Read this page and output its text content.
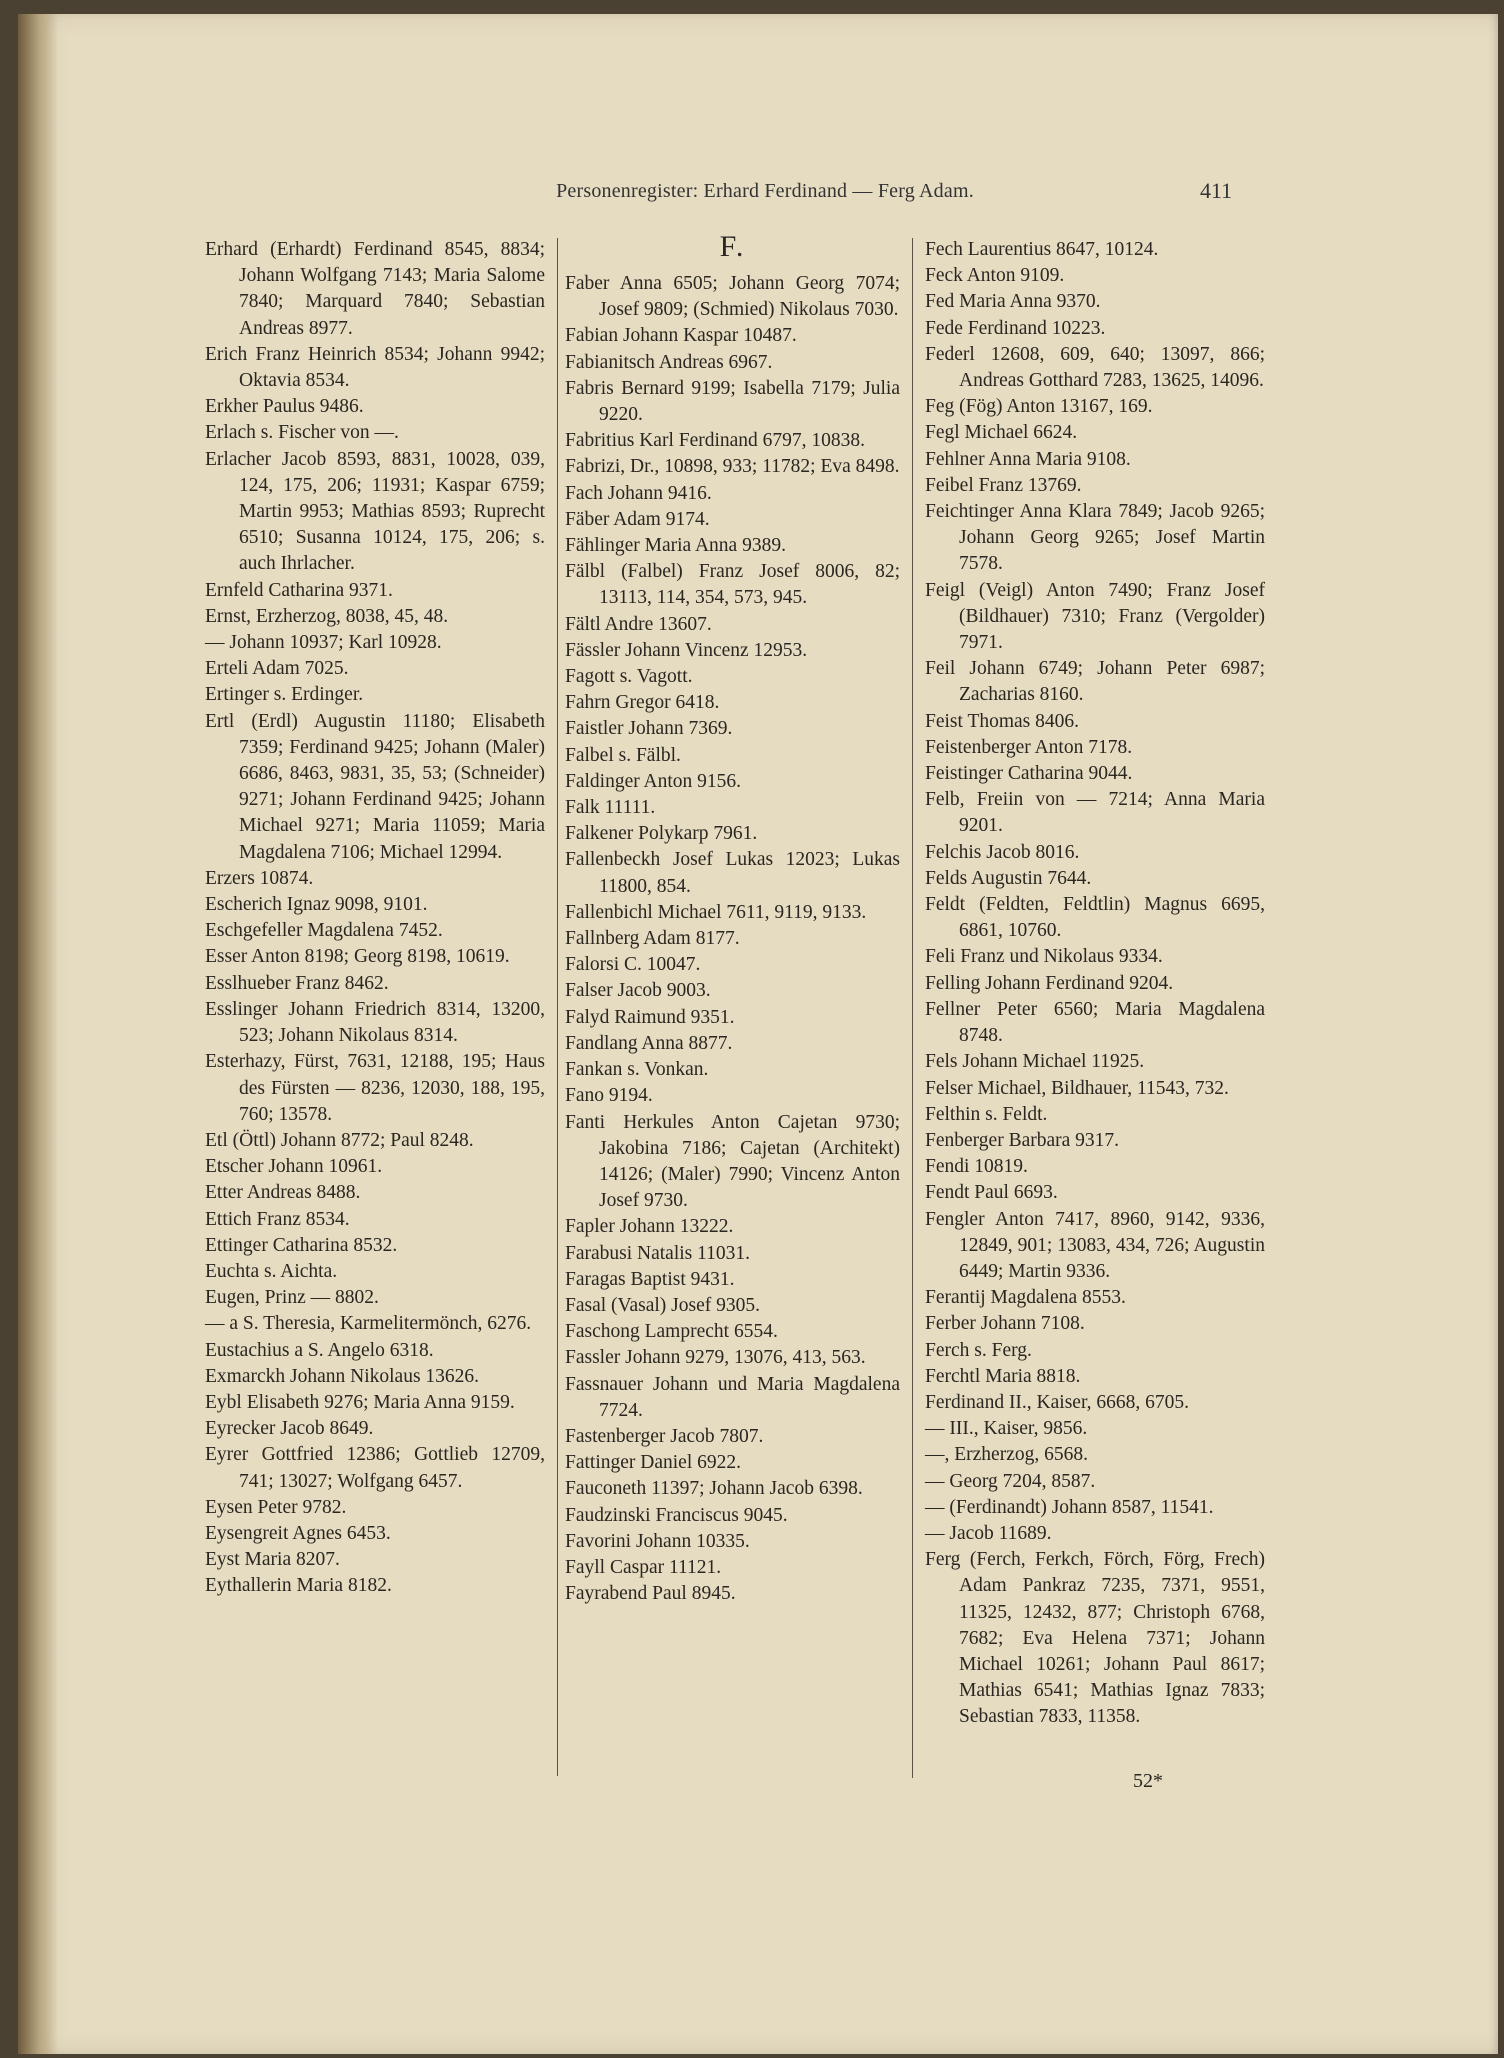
Personenregister: Erhard Ferdinand — Ferg Adam.	411

Erhard (Erhardt) Ferdinand 8545, 8834; Johann Wolfgang 7143; Maria Salome 7840; Marquard 7840; Sebastian Andreas 8977.

Erich Franz Heinrich 8534; Johann 9942; Oktavia 8534.

Erkher Paulus 9486.

Erlach s. Fischer von —.

Erlacher Jacob 8593, 8831, 10028, 039, 124, 175, 206; 11931; Kaspar 6759; Martin 9953; Mathias 8593; Ruprecht 6510; Susanna 10124, 175, 206; s. auch Ihrlacher.

Ernfeld Catharina 9371.

Ernst, Erzherzog, 8038, 45, 48.

— Johann 10937; Karl 10928.

Erteli Adam 7025.

Ertinger s. Erdinger.

Ertl (Erdl) Augustin 11180; Elisabeth 7359; Ferdinand 9425; Johann (Maler) 6686, 8463, 9831, 35, 53; (Schneider) 9271; Johann Ferdinand 9425; Johann Michael 9271; Maria 11059; Maria Magdalena 7106; Michael 12994.

Erzers 10874.

Escherich Ignaz 9098, 9101.

Eschgefeller Magdalena 7452.

Esser Anton 8198; Georg 8198, 10619.

Esslhueber Franz 8462.

Esslinger Johann Friedrich 8314, 13200, 523; Johann Nikolaus 8314.

Esterhazy, Fürst, 7631, 12188, 195; Haus des Fürsten — 8236, 12030, 188, 195, 760; 13578.

Etl (Öttl) Johann 8772; Paul 8248.

Etscher Johann 10961.

Etter Andreas 8488.

Ettich Franz 8534.

Ettinger Catharina 8532.

Euchta s. Aichta.

Eugen, Prinz — 8802.

— a S. Theresia, Karmelitermönch, 6276.

Eustachius a S. Angelo 6318.

Exmarckh Johann Nikolaus 13626.

Eybl Elisabeth 9276; Maria Anna 9159.

Eyrecker Jacob 8649.

Eyrer Gottfried 12386; Gottlieb 12709, 741; 13027; Wolfgang 6457.

Eysen Peter 9782.

Eysengreit Agnes 6453.

Eyst Maria 8207.

Eythallerin Maria 8182.

F.

Faber Anna 6505; Johann Georg 7074; Josef 9809; (Schmied) Nikolaus 7030.

Fabian Johann Kaspar 10487.

Fabianitsch Andreas 6967.

Fabris Bernard 9199; Isabella 7179; Julia 9220.

Fabritius Karl Ferdinand 6797, 10838.

Fabrizi, Dr., 10898, 933; 11782; Eva 8498.

Fach Johann 9416.

Fäber Adam 9174.

Fählinger Maria Anna 9389.

Fälbl (Falbel) Franz Josef 8006, 82; 13113, 114, 354, 573, 945.

Fältl Andre 13607.

Fässler Johann Vincenz 12953.

Fagott s. Vagott.

Fahrn Gregor 6418.

Faistler Johann 7369.

Falbel s. Fälbl.

Faldinger Anton 9156.

Falk 11111.

Falkener Polykarp 7961.

Fallenbeckh Josef Lukas 12023; Lukas 11800, 854.

Fallenbichl Michael 7611, 9119, 9133.

Fallnberg Adam 8177.

Falorsi C. 10047.

Falser Jacob 9003.

Falyd Raimund 9351.

Fandlang Anna 8877.

Fankan s. Vonkan.

Fano 9194.

Fanti Herkules Anton Cajetan 9730; Jakobina 7186; Cajetan (Architekt) 14126; (Maler) 7990; Vincenz Anton Josef 9730.

Fapler Johann 13222.

Farabusi Natalis 11031.

Faragas Baptist 9431.

Fasal (Vasal) Josef 9305.

Faschong Lamprecht 6554.

Fassler Johann 9279, 13076, 413, 563.

Fassnauer Johann und Maria Magdalena 7724.

Fastenberger Jacob 7807.

Fattinger Daniel 6922.

Fauconeth 11397; Johann Jacob 6398.

Faudzinski Franciscus 9045.

Favorini Johann 10335.

Fayll Caspar 11121.

Fayrabend Paul 8945.

Fech Laurentius 8647, 10124.

Feck Anton 9109.

Fed Maria Anna 9370.

Fede Ferdinand 10223.

Federl 12608, 609, 640; 13097, 866; Andreas Gotthard 7283, 13625, 14096.

Feg (Fög) Anton 13167, 169.

Fegl Michael 6624.

Fehlner Anna Maria 9108.

Feibel Franz 13769.

Feichtinger Anna Klara 7849; Jacob 9265; Johann Georg 9265; Josef Martin 7578.

Feigl (Veigl) Anton 7490; Franz Josef (Bildhauer) 7310; Franz (Vergolder) 7971.

Feil Johann 6749; Johann Peter 6987; Zacharias 8160.

Feist Thomas 8406.

Feistenberger Anton 7178.

Feistinger Catharina 9044.

Felb, Freiin von — 7214; Anna Maria 9201.

Felchis Jacob 8016.

Felds Augustin 7644.

Feldt (Feldten, Feldtlin) Magnus 6695, 6861, 10760.

Feli Franz und Nikolaus 9334.

Felling Johann Ferdinand 9204.

Fellner Peter 6560; Maria Magdalena 8748.

Fels Johann Michael 11925.

Felser Michael, Bildhauer, 11543, 732.

Felthin s. Feldt.

Fenberger Barbara 9317.

Fendi 10819.

Fendt Paul 6693.

Fengler Anton 7417, 8960, 9142, 9336, 12849, 901; 13083, 434, 726; Augustin 6449; Martin 9336.

Ferantij Magdalena 8553.

Ferber Johann 7108.

Ferch s. Ferg.

Ferchtl Maria 8818.

Ferdinand II., Kaiser, 6668, 6705.

— III., Kaiser, 9856.

—, Erzherzog, 6568.

— Georg 7204, 8587.

— (Ferdinandt) Johann 8587, 11541.

— Jacob 11689.

Ferg (Ferch, Ferkch, Förch, Förg, Frech) Adam Pankraz 7235, 7371, 9551, 11325, 12432, 877; Christoph 6768, 7682; Eva Helena 7371; Johann Michael 10261; Johann Paul 8617; Mathias 6541; Mathias Ignaz 7833; Sebastian 7833, 11358.

52*
